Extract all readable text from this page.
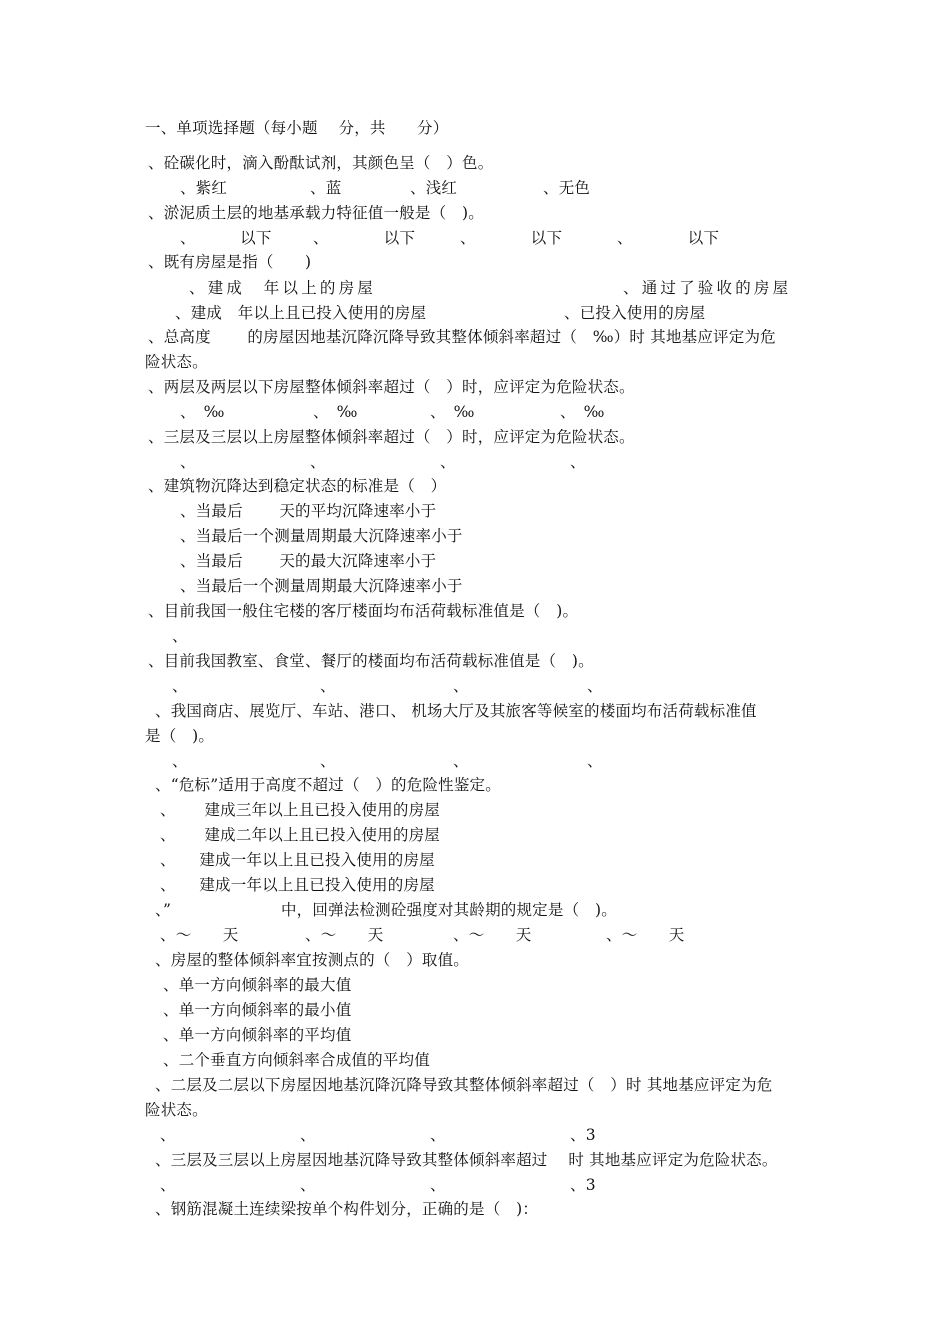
一、单项选择题（每小题　 分，共　　分）
、砼碳化时，滴入酚酞试剂，其颜色呈（　）色。
、紫红	、蓝	、浅红	、无色
、淤泥质土层的地基承载力特征值一般是（　)。
、　　　 以下	、　　　　以下	、　　　　以下	、　　　　以下
、既有房屋是指（　　)
、建成　年以上的房屋	、通过了验收的房屋
、建成　年以上且已投入使用的房屋	、已投入使用的房屋
、总高度　　 的房屋因地基沉降沉降导致其整体倾斜率超过（　‰）时 其地基应评定为危
险状态。
、两层及两层以下房屋整体倾斜率超过（　）时，应评定为危险状态。
、　‰	、　‰	、　‰	、　‰
、三层及三层以上房屋整体倾斜率超过（　）时，应评定为危险状态。
、	、	、	、
、建筑物沉降达到稳定状态的标准是（　）
、当最后　　 天的平均沉降速率小于
、当最后一个测量周期最大沉降速率小于
、当最后　　 天的最大沉降速率小于
、当最后一个测量周期最大沉降速率小于
、目前我国一般住宅楼的客厅楼面均布活荷载标准值是（　)。
、
、目前我国教室、食堂、餐厅的楼面均布活荷载标准值是（　)。
、	、	、	、
、我国商店、展览厅、车站、港口、 机场大厅及其旅客等候室的楼面均布活荷载标准值
是（　)。
、	、	、	、
、“危标”适用于高度不超过（　）的危险性鉴定。
、　　 建成三年以上且已投入使用的房屋
、　　 建成二年以上且已投入使用的房屋
、　　建成一年以上且已投入使用的房屋
、　　建成一年以上且已投入使用的房屋
、”　　　　　　　中，回弹法检测砼强度对其龄期的规定是（　)。
、～　　天	、～　　天	、～　　天	、～　　天
、房屋的整体倾斜率宜按测点的（　）取值。
、单一方向倾斜率的最大值
、单一方向倾斜率的最小值
、单一方向倾斜率的平均值
、二个垂直方向倾斜率合成值的平均值
、二层及二层以下房屋因地基沉降沉降导致其整体倾斜率超过（　）时 其地基应评定为危
险状态。
、	、	、	、3
、三层及三层以上房屋因地基沉降导致其整体倾斜率超过　 时 其地基应评定为危险状态。
、	、	、	、3
、钢筋混凝土连续梁按单个构件划分，正确的是（　)：
